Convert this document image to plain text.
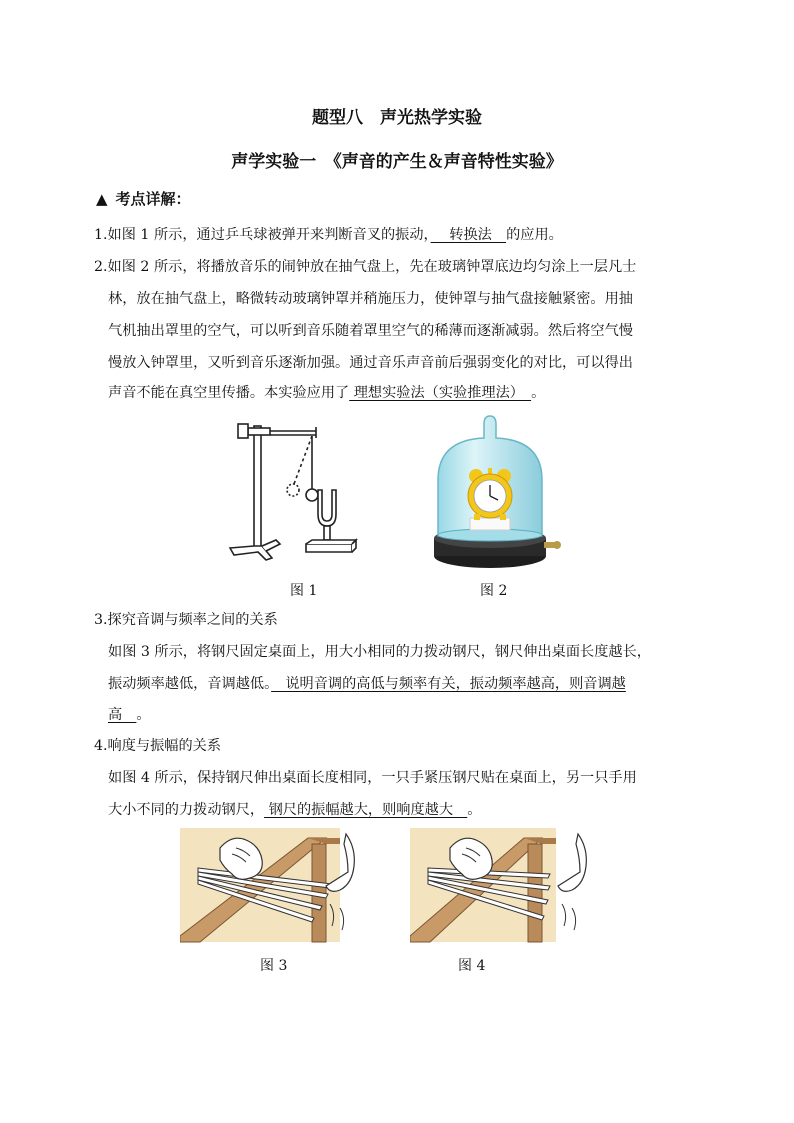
题型八　声光热学实验
声学实验一　《声音的产生＆声音特性实验》
▲ 考点详解：
1.如图 1 所示，通过乒乓球被弹开来判断音叉的振动，　 转换法　的应用。
2.如图 2 所示，将播放音乐的闹钟放在抽气盘上，先在玻璃钟罩底边均匀涂上一层凡士
林，放在抽气盘上，略微转动玻璃钟罩并稍施压力，使钟罩与抽气盘接触紧密。用抽
气机抽出罩里的空气，可以听到音乐随着罩里空气的稀薄而逐渐减弱。然后将空气慢
慢放入钟罩里，又听到音乐逐渐加强。通过音乐声音前后强弱变化的对比，可以得出
声音不能在真空里传播。本实验应用了 理想实验法（实验推理法）　。
图 1	图 2
3.探究音调与频率之间的关系
如图 3 所示，将钢尺固定桌面上，用大小相同的力拨动钢尺，钢尺伸出桌面长度越长，
振动频率越低，音调越低。　说明音调的高低与频率有关，振动频率越高，则音调越
高　。
4.响度与振幅的关系
如图 4 所示，保持钢尺伸出桌面长度相同，一只手紧压钢尺贴在桌面上，另一只手用
大小不同的力拨动钢尺， 钢尺的振幅越大，则响度越大　。
图 3	图 4
